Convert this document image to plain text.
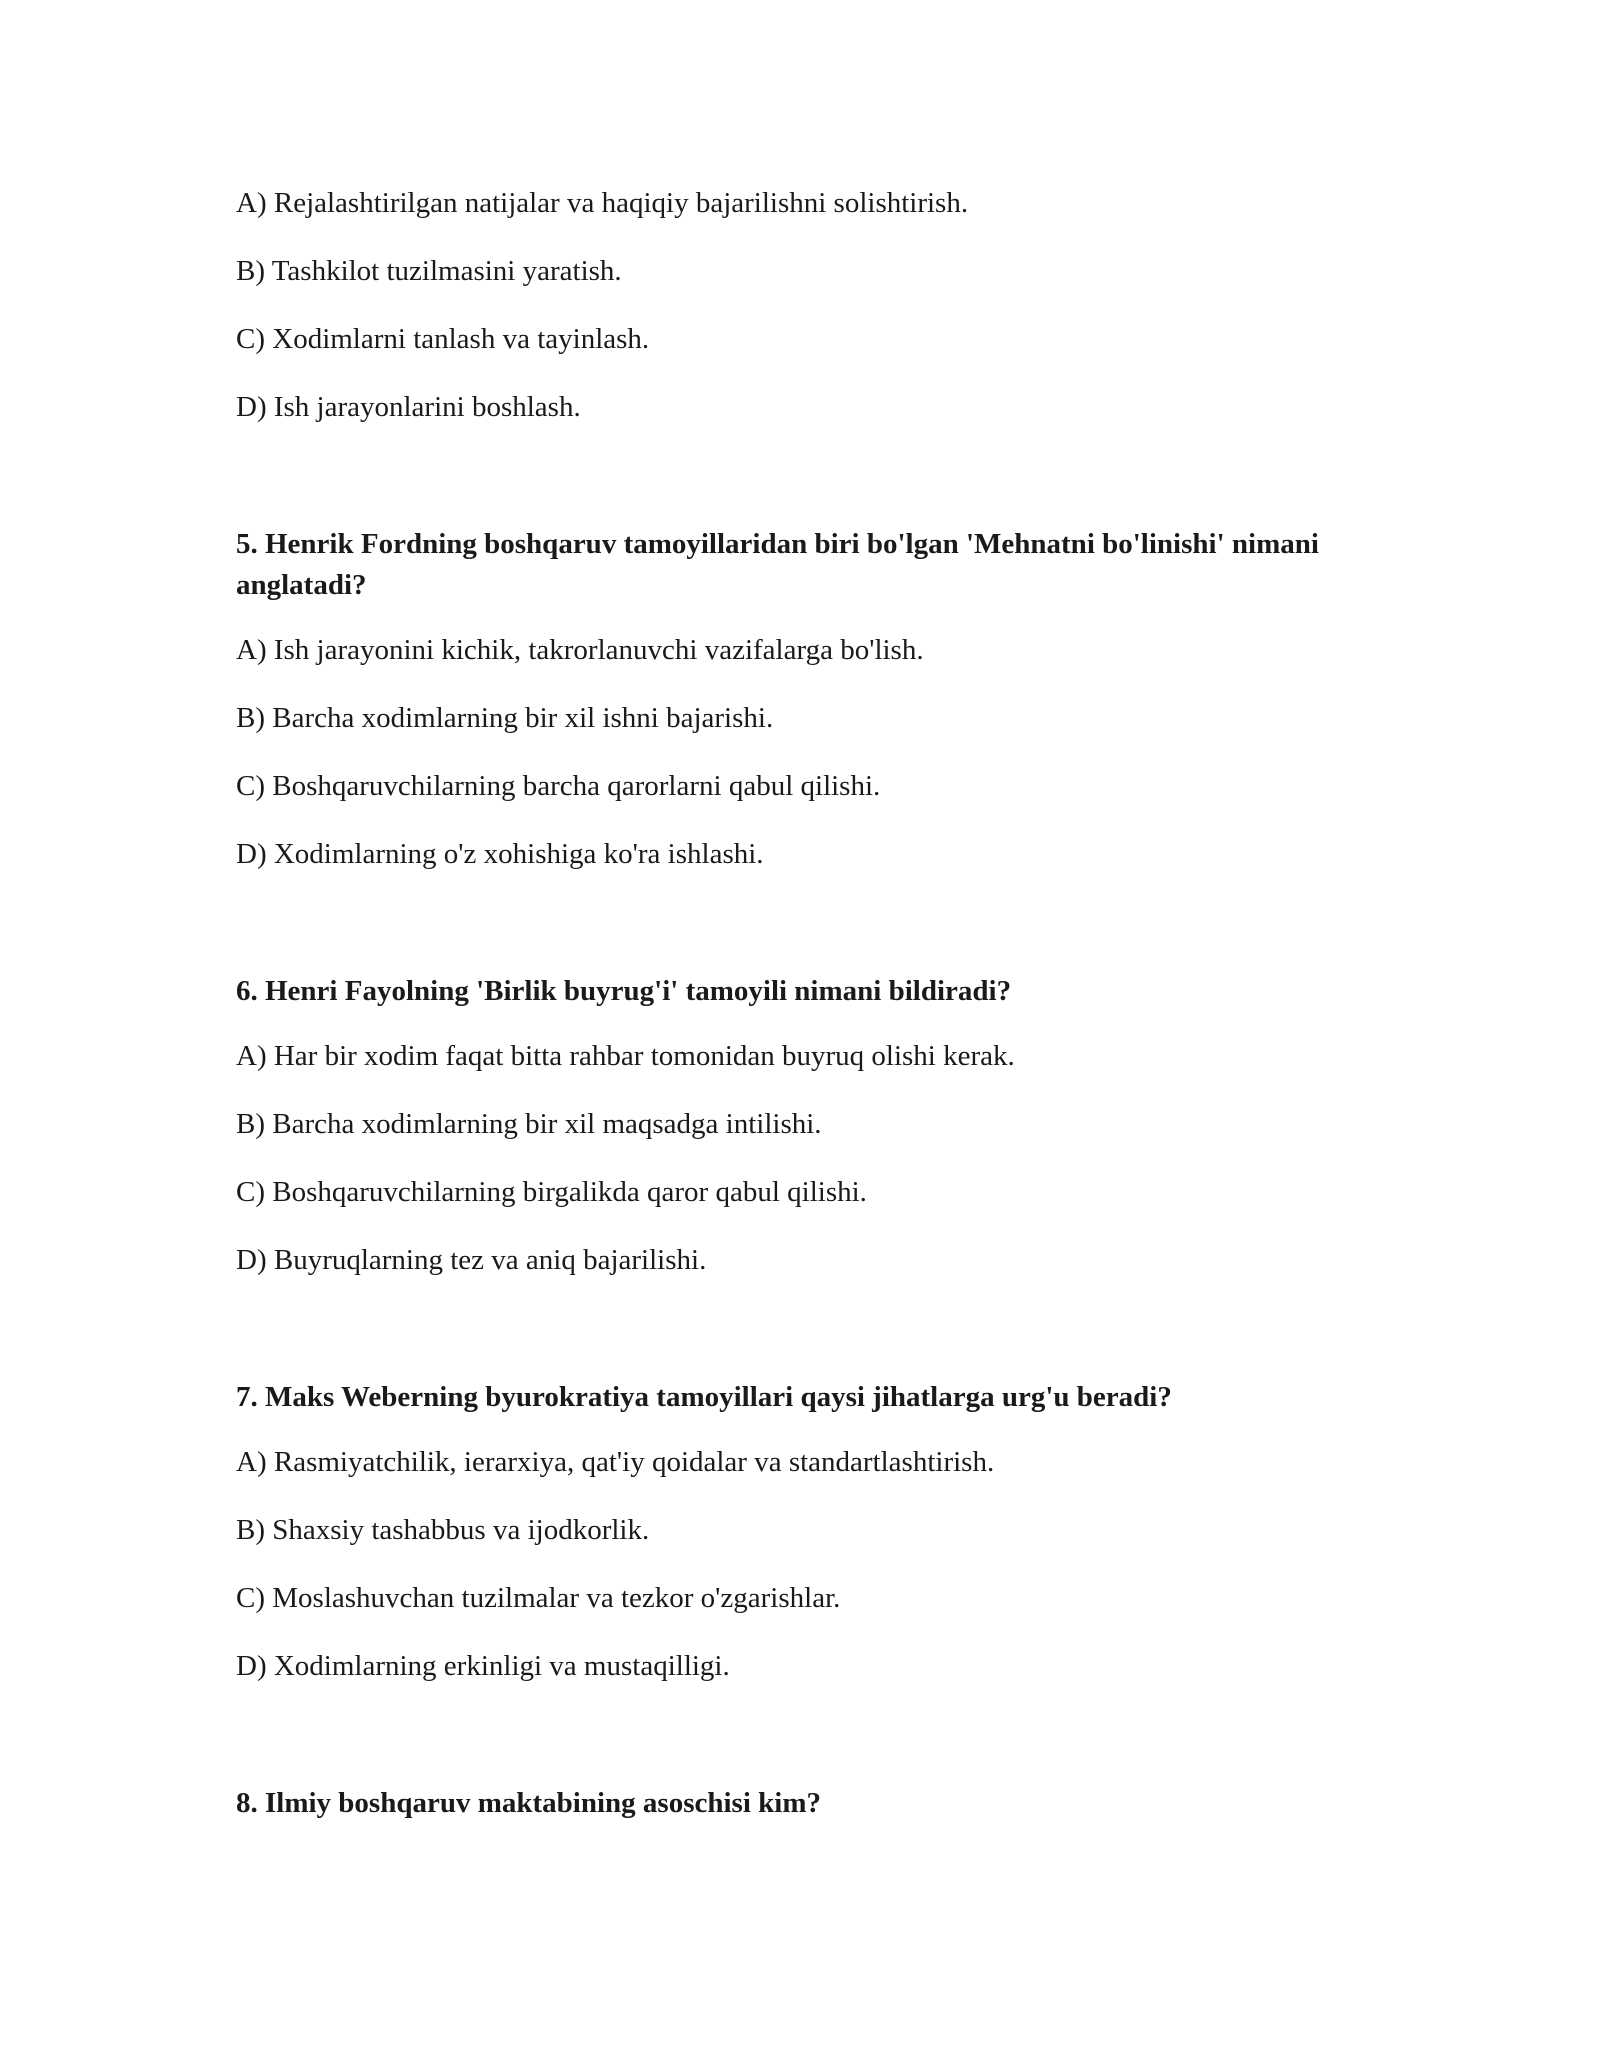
A) Rejalashtirilgan natijalar va haqiqiy bajarilishni solishtirish.
B) Tashkilot tuzilmasini yaratish.
C) Xodimlarni tanlash va tayinlash.
D) Ish jarayonlarini boshlash.
5. Henrik Fordning boshqaruv tamoyillaridan biri bo'lgan 'Mehnatni bo'linishi' nimani anglatadi?
A) Ish jarayonini kichik, takrorlanuvchi vazifalarga bo'lish.
B) Barcha xodimlarning bir xil ishni bajarishi.
C) Boshqaruvchilarning barcha qarorlarni qabul qilishi.
D) Xodimlarning o'z xohishiga ko'ra ishlashi.
6. Henri Fayolning 'Birlik buyrug'i' tamoyili nimani bildiradi?
A) Har bir xodim faqat bitta rahbar tomonidan buyruq olishi kerak.
B) Barcha xodimlarning bir xil maqsadga intilishi.
C) Boshqaruvchilarning birgalikda qaror qabul qilishi.
D) Buyruqlarning tez va aniq bajarilishi.
7. Maks Weberning byurokratiya tamoyillari qaysi jihatlarga urg'u beradi?
A) Rasmiyatchilik, ierarxiya, qat'iy qoidalar va standartlashtirish.
B) Shaxsiy tashabbus va ijodkorlik.
C) Moslashuvchan tuzilmalar va tezkor o'zgarishlar.
D) Xodimlarning erkinligi va mustaqilligi.
8. Ilmiy boshqaruv maktabining asoschisi kim?
